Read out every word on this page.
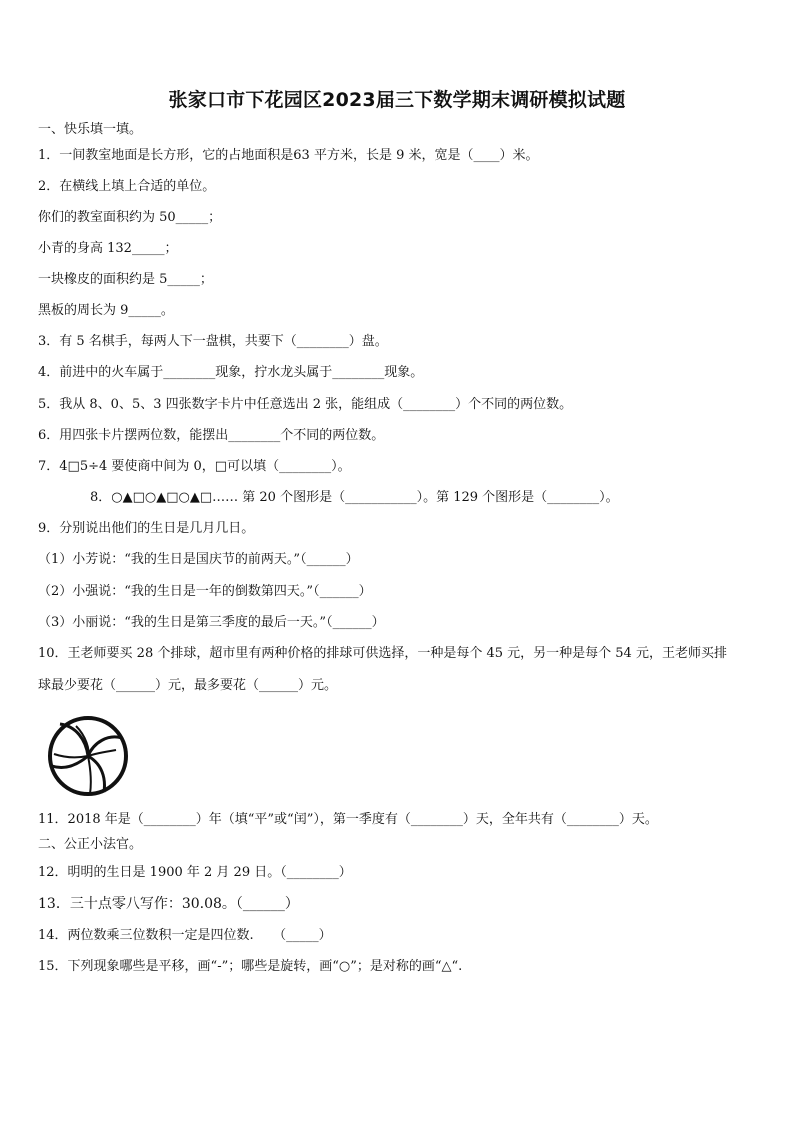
张家口市下花园区2023届三下数学期末调研模拟试题
一、快乐填一填。
1．一间教室地面是长方形，它的占地面积是63 平方米，长是 9 米，宽是（____）米。
2．在横线上填上合适的单位。
你们的教室面积约为 50_____；
小青的身高 132_____；
一块橡皮的面积约是 5_____；
黑板的周长为 9_____。
3．有 5 名棋手，每两人下一盘棋，共要下（________）盘。
4．前进中的火车属于________现象，拧水龙头属于________现象。
5．我从 8、0、5、3 四张数字卡片中任意选出 2 张，能组成（________）个不同的两位数。
6．用四张卡片摆两位数，能摆出________个不同的两位数。
7．4□5÷4 要使商中间为 0，□可以填（________）。
8．○▲□○▲□○▲□…… 第 20 个图形是（___________）。第 129 个图形是（________）。
9．分别说出他们的生日是几月几日。
（1）小芳说：“我的生日是国庆节的前两天。”（______）
（2）小强说：“我的生日是一年的倒数第四天。”（______）
（3）小丽说：“我的生日是第三季度的最后一天。”（______）
10．王老师要买 28 个排球，超市里有两种价格的排球可供选择，一种是每个 45 元，另一种是每个 54 元，王老师买排
球最少要花（______）元，最多要花（______）元。
11．2018 年是（________）年（填“平”或“闰”），第一季度有（________）天，全年共有（________）天。
二、公正小法官。
12．明明的生日是 1900 年 2 月 29 日。（________）
13．三十点零八写作：30.08。（______）
14．两位数乘三位数积一定是四位数.　　（_____）
15．下列现象哪些是平移，画“-”；哪些是旋转，画“○”；是对称的画“△“.
